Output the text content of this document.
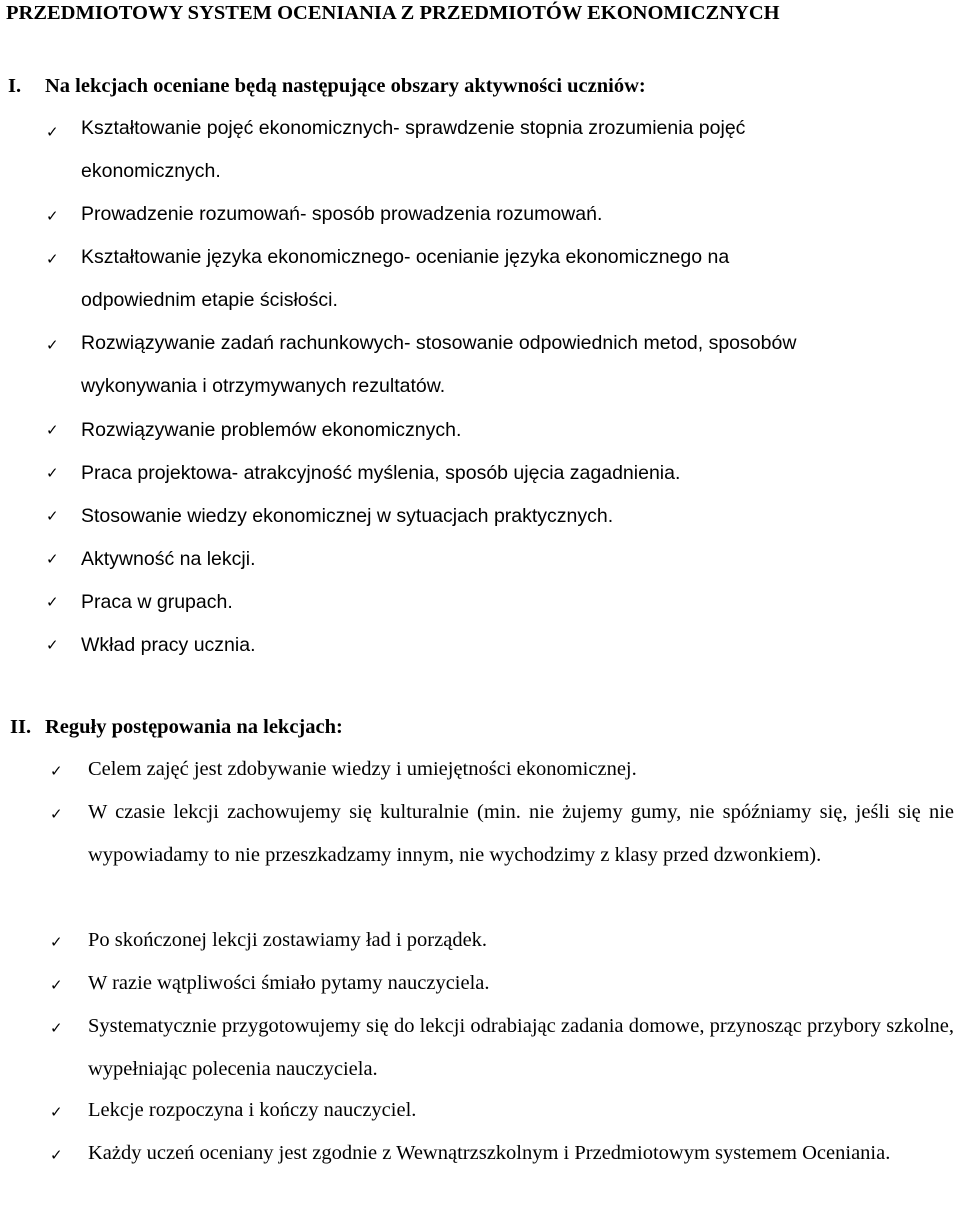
PRZEDMIOTOWY SYSTEM OCENIANIA Z PRZEDMIOTÓW EKONOMICZNYCH
I. Na lekcjach oceniane będą następujące obszary aktywności uczniów:
✓ Kształtowanie pojęć ekonomicznych- sprawdzenie stopnia zrozumienia pojęć ekonomicznych.
✓ Prowadzenie rozumowań- sposób prowadzenia rozumowań.
✓ Kształtowanie języka ekonomicznego- ocenianie języka ekonomicznego na odpowiednim etapie ścisłości.
✓ Rozwiązywanie zadań rachunkowych- stosowanie odpowiednich metod, sposobów wykonywania i otrzymywanych rezultatów.
✓ Rozwiązywanie problemów ekonomicznych.
✓ Praca projektowa- atrakcyjność myślenia, sposób ujęcia zagadnienia.
✓ Stosowanie wiedzy ekonomicznej w sytuacjach praktycznych.
✓ Aktywność na lekcji.
✓ Praca w grupach.
✓ Wkład pracy ucznia.
II. Reguły postępowania na lekcjach:
✓ Celem zajęć jest zdobywanie wiedzy i umiejętności ekonomicznej.
✓ W czasie lekcji zachowujemy się kulturalnie (min. nie żujemy gumy, nie spóźniamy się, jeśli się nie wypowiadamy to nie przeszkadzamy innym, nie wychodzimy z klasy przed dzwonkiem).
✓ Po skończonej lekcji zostawiamy ład i porządek.
✓ W razie wątpliwości śmiało pytamy nauczyciela.
✓ Systematycznie przygotowujemy się do lekcji odrabiając zadania domowe, przynosząc przybory szkolne, wypełniając polecenia nauczyciela.
✓ Lekcje rozpoczyna i kończy nauczyciel.
✓ Każdy uczeń oceniany jest zgodnie z Wewnątrzszkolnym i Przedmiotowym systemem Oceniania.
